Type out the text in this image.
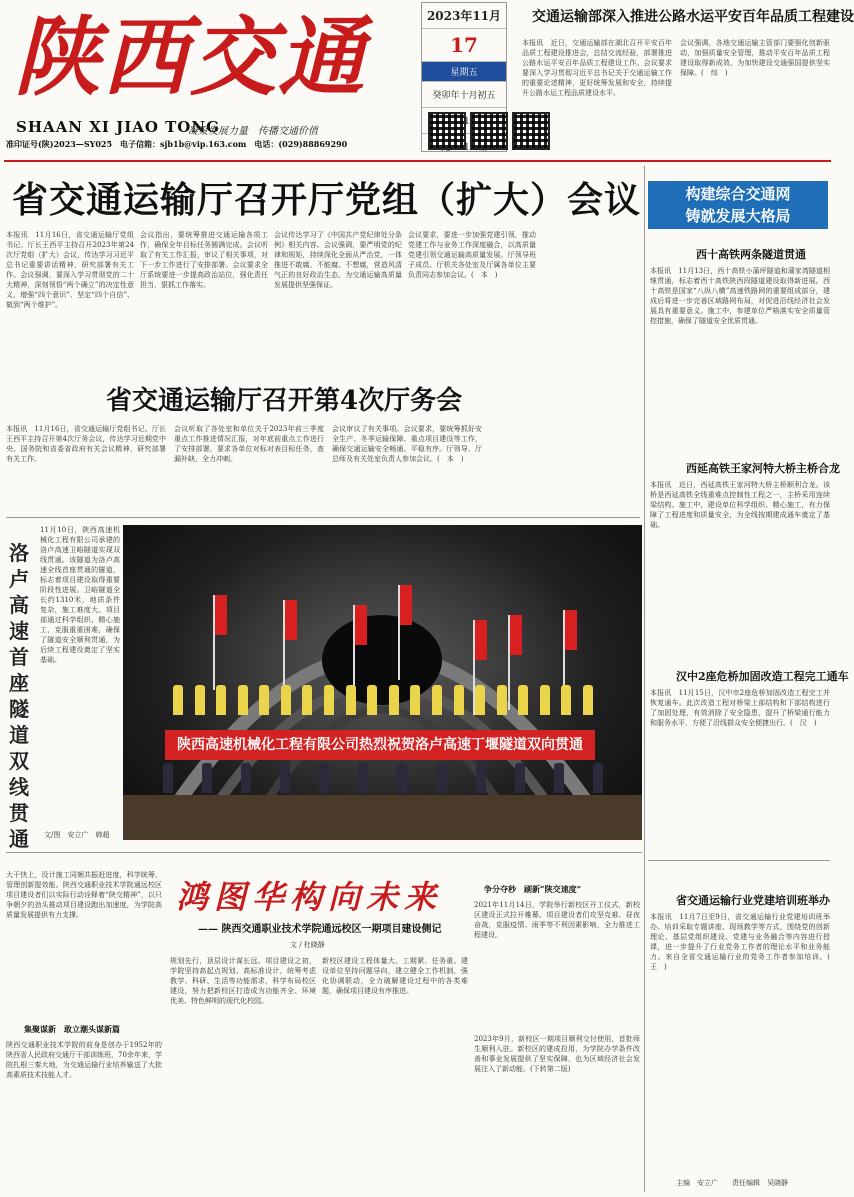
陕西交通
SHAAN XI JIAO TONG
凝聚发展力量　传播交通价值
准印证号(陕)2023—SY025　电子信箱：sjb1b@vip.163.com　电话：(029)88869290
2023年11月
17
星期五
癸卯年十月初五
交通运输部深入推进公路水运平安百年品质工程建设
本报讯　近日，交通运输部在湖北召开平安百年品质工程建设推进会，总结交流经验，部署推进公路水运平安百年品质工程建设工作。会议要求要深入学习贯彻习近平总书记关于交通运输工作的重要论述精神，更好统筹发展和安全，持续提升公路水运工程品质建设水平。
会议强调，各地交通运输主管部门要强化创新驱动，加强质量安全管理，推动平安百年品质工程建设取得新成效，为加快建设交通强国提供坚实保障。(　综　)
省交通运输厅召开厅党组（扩大）会议
本报讯　11月16日，省交通运输厅党组书记、厅长王西平主持召开2023年第24次厅党组（扩大）会议，传达学习习近平总书记重要讲话精神，研究部署有关工作。会议强调，要深入学习贯彻党的二十大精神，深刻领悟“两个确立”的决定性意义，增强“四个意识”、坚定“四个自信”、做到“两个维护”。
会议指出，要统筹推进交通运输各项工作，确保全年目标任务圆满完成。会议听取了有关工作汇报，审议了相关事项，对下一步工作进行了安排部署。会议要求全厅系统要进一步提高政治站位，强化责任担当，狠抓工作落实。
会议传达学习了《中国共产党纪律处分条例》相关内容。会议强调，要严明党的纪律和规矩，持续深化全面从严治党，一体推进不敢腐、不能腐、不想腐，营造风清气正的良好政治生态，为交通运输高质量发展提供坚强保证。
会议要求，要进一步加强党建引领，推动党建工作与业务工作深度融合，以高质量党建引领交通运输高质量发展。厅领导班子成员、厅机关各处室及厅属各单位主要负责同志参加会议。(　本　)
省交通运输厅召开第4次厅务会
本报讯　11月16日，省交通运输厅党组书记、厅长王西平主持召开第4次厅务会议，传达学习近期党中央、国务院和省委省政府有关会议精神，研究部署有关工作。
会议听取了各处室和单位关于2023年前三季度重点工作推进情况汇报，对年底前重点工作进行了安排部署，要求各单位对标对表目标任务，查漏补缺，全力冲刺。
会议审议了有关事项。会议要求，要统筹抓好安全生产、冬季运输保障、重点项目建设等工作，确保交通运输安全畅通、平稳有序。厅领导、厅总师及有关处室负责人参加会议。(　本　)
洛卢高速首座隧道双线贯通
11月10日，陕西高速机械化工程有限公司承建的洛卢高速卫峪隧道实现双线贯通。该隧道为洛卢高速全线首座贯通的隧道，标志着项目建设取得重要阶段性进展。卫峪隧道全长约1310米，地质条件复杂，施工难度大。项目部通过科学组织、精心施工，克服重重困难，确保了隧道安全顺利贯通，为后续工程建设奠定了坚实基础。
文/图　安立广　韩超
陕西高速机械化工程有限公司热烈祝贺洛卢高速丁堰隧道双向贯通
构建综合交通网
铸就发展大格局
西十高铁两条隧道贯通
本报讯　11月13日，西十高铁小蒲坪隧道和蒲家湾隧道相继贯通，标志着西十高铁陕西段隧道建设取得新进展。西十高铁是国家“八纵八横”高速铁路网的重要组成部分，建成后将进一步完善区域路网布局，对促进沿线经济社会发展具有重要意义。施工中，参建单位严格落实安全质量管控措施，确保了隧道安全优质贯通。
西延高铁王家河特大桥主桥合龙
本报讯　近日，西延高铁王家河特大桥主桥顺利合龙。该桥是西延高铁全线重难点控制性工程之一，主桥采用连续梁结构。施工中，建设单位科学组织、精心施工，有力保障了工程进度和质量安全，为全线按期建成通车奠定了基础。
汉中2座危桥加固改造工程完工通车
本报讯　11月15日，汉中市2座危桥加固改造工程完工并恢复通车。此次改造工程对桥梁上部结构和下部结构进行了加固处理，有效消除了安全隐患，提升了桥梁通行能力和服务水平，方便了沿线群众安全便捷出行。(　汉　)
省交通运输行业党建培训班举办
本报讯　11月7日至9日，省交通运输行业党建培训班举办。培训采取专题讲座、现场教学等方式，围绕党的创新理论、基层党组织建设、党建与业务融合等内容进行授课，进一步提升了行业党务工作者的理论水平和业务能力。来自全省交通运输行业的党务工作者参加培训。(　王　)
主编　安立广　　责任编辑　吴晓静
大干快上，设计施工同频共振赶进度，科学统筹，管理创新提效能。陕西交通职业技术学院通远校区项目建设者们以实际行动诠释着“陕交精神”，以只争朝夕的劲头推动项目建设跑出加速度，为学院高质量发展提供有力支撑。
集聚谋新　敢立潮头谋新篇
陕西交通职业技术学院的前身是创办于1952年的陕西省人民政府交通厅干部训练班，70余年来，学院扎根三秦大地，为交通运输行业培养输送了大批高素质技术技能人才。
鸿图华构向未来
—— 陕西交通职业技术学院通远校区一期项目建设侧记
文 / 杜晓静
规划先行，顶层设计谋长远。项目建设之初，学院坚持高起点规划、高标准设计，统筹考虑教学、科研、生活等功能需求，科学布局校区建设，努力把新校区打造成为功能齐全、环境优美、特色鲜明的现代化校园。
新校区建设工程体量大、工期紧、任务重。建设单位坚持问题导向，建立健全工作机制，强化协调联动，全力破解建设过程中的各类难题，确保项目建设有序推进。
争分夺秒　刷新“陕交速度”
2021年11月14日，学院举行新校区开工仪式，新校区建设正式拉开帷幕。项目建设者们攻坚克难、昼夜奋战，克服疫情、雨季等不利因素影响，全力推进工程建设。
2023年9月，新校区一期项目顺利交付使用，首批师生顺利入驻。新校区的建成投用，为学院办学条件改善和事业发展提供了坚实保障，也为区域经济社会发展注入了新动能。(下转第二版)
